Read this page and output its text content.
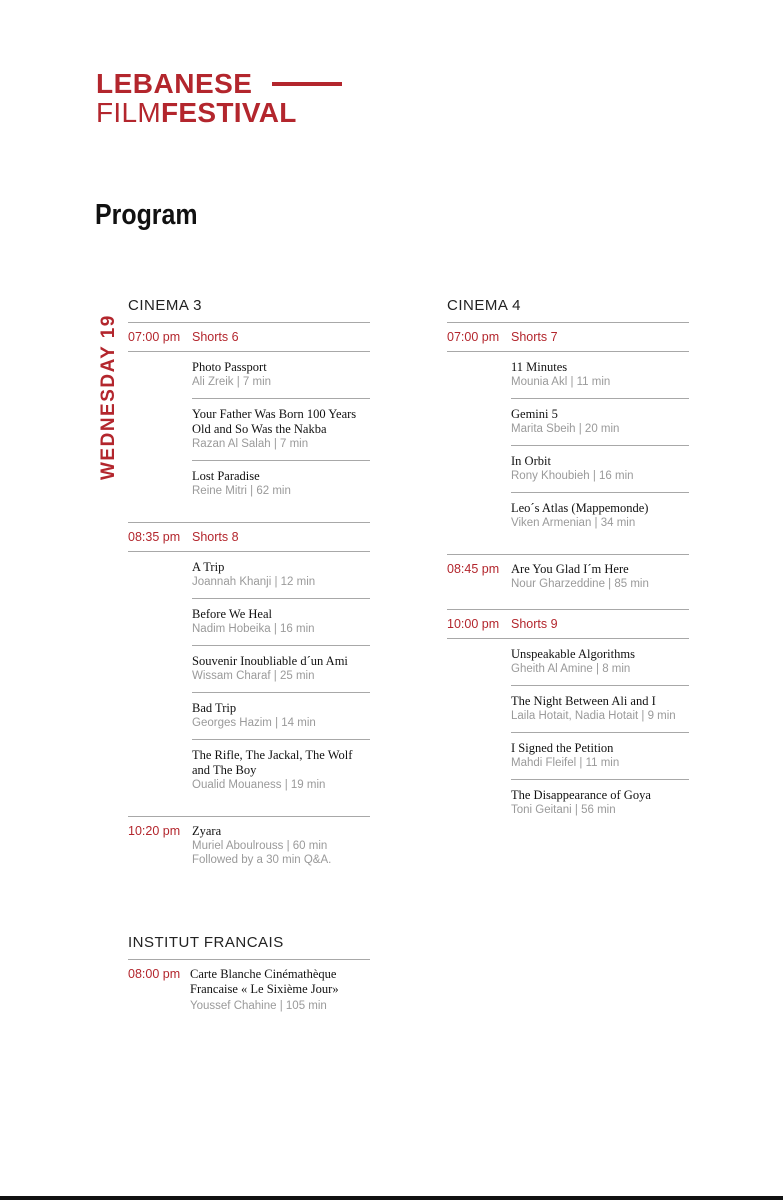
LEBANESE
FILMFESTIVAL
Program
WEDNESDAY 19
CINEMA 3
07:00 pm Shorts 6
Photo Passport
Ali Zreik | 7 min
Your Father Was Born 100 Years Old and So Was the Nakba
Razan Al Salah | 7 min
Lost Paradise
Reine Mitri | 62 min
08:35 pm Shorts 8
A Trip
Joannah Khanji | 12 min
Before We Heal
Nadim Hobeika | 16 min
Souvenir Inoubliable d´un Ami
Wissam Charaf | 25 min
Bad Trip
Georges Hazim | 14 min
The Rifle, The Jackal, The Wolf and The Boy
Oualid Mouaness | 19 min
10:20 pm Zyara
Muriel Aboulrouss | 60 min
Followed by a 30 min Q&A.
CINEMA 4
07:00 pm Shorts 7
11 Minutes
Mounia Akl | 11 min
Gemini 5
Marita Sbeih | 20 min
In Orbit
Rony Khoubieh | 16 min
Leo´s Atlas (Mappemonde)
Viken Armenian | 34 min
08:45 pm Are You Glad I´m Here
Nour Gharzeddine | 85 min
10:00 pm Shorts 9
Unspeakable Algorithms
Gheith Al Amine | 8 min
The Night Between Ali and I
Laila Hotait, Nadia Hotait | 9 min
I Signed the Petition
Mahdi Fleifel | 11 min
The Disappearance of Goya
Toni Geitani | 56 min
INSTITUT FRANCAIS
08:00 pm Carte Blanche Cinémathèque Francaise « Le Sixième Jour»
Youssef Chahine | 105 min
